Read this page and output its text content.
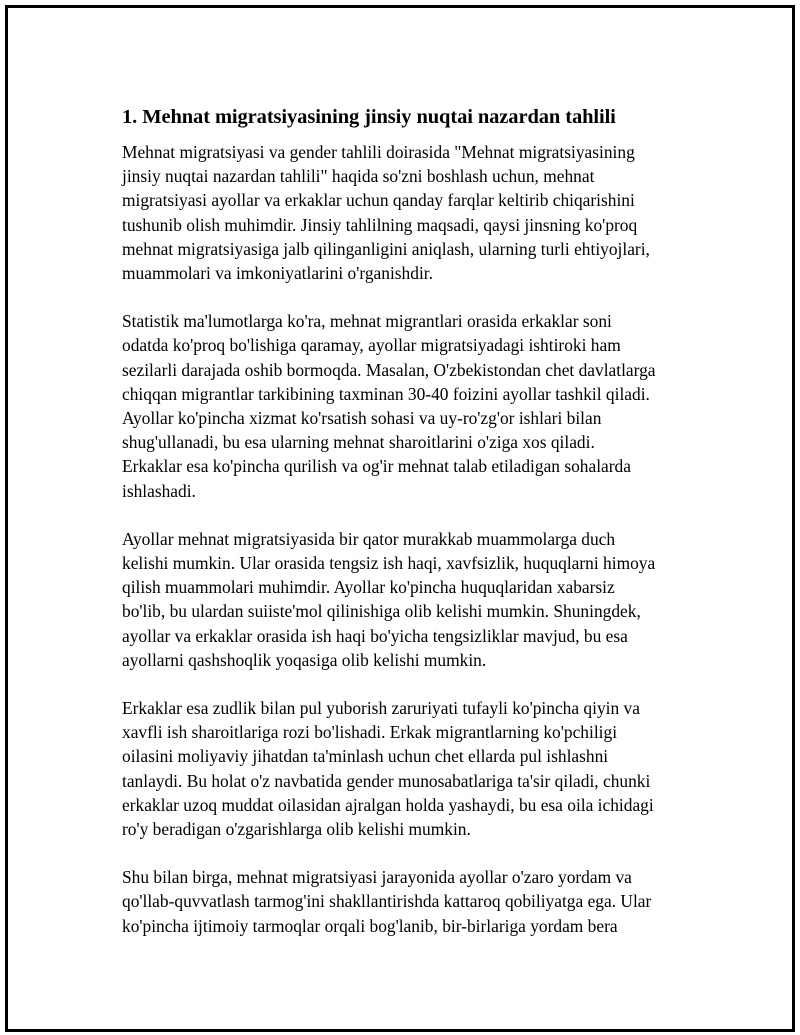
1. Mehnat migratsiyasining jinsiy nuqtai nazardan tahlili

Mehnat migratsiyasi va gender tahlili doirasida "Mehnat migratsiyasining
jinsiy nuqtai nazardan tahlili" haqida so'zni boshlash uchun, mehnat
migratsiyasi ayollar va erkaklar uchun qanday farqlar keltirib chiqarishini
tushunib olish muhimdir. Jinsiy tahlilning maqsadi, qaysi jinsning ko'proq
mehnat migratsiyasiga jalb qilinganligini aniqlash, ularning turli ehtiyojlari,
muammolari va imkoniyatlarini o'rganishdir.

Statistik ma'lumotlarga ko'ra, mehnat migrantlari orasida erkaklar soni
odatda ko'proq bo'lishiga qaramay, ayollar migratsiyadagi ishtiroki ham
sezilarli darajada oshib bormoqda. Masalan, O'zbekistondan chet davlatlarga
chiqqan migrantlar tarkibining taxminan 30-40 foizini ayollar tashkil qiladi.
Ayollar ko'pincha xizmat ko'rsatish sohasi va uy-ro'zg'or ishlari bilan
shug'ullanadi, bu esa ularning mehnat sharoitlarini o'ziga xos qiladi.
Erkaklar esa ko'pincha qurilish va og'ir mehnat talab etiladigan sohalarda
ishlashadi.

Ayollar mehnat migratsiyasida bir qator murakkab muammolarga duch
kelishi mumkin. Ular orasida tengsiz ish haqi, xavfsizlik, huquqlarni himoya
qilish muammolari muhimdir. Ayollar ko'pincha huquqlaridan xabarsiz
bo'lib, bu ulardan suiiste'mol qilinishiga olib kelishi mumkin. Shuningdek,
ayollar va erkaklar orasida ish haqi bo'yicha tengsizliklar mavjud, bu esa
ayollarni qashshoqlik yoqasiga olib kelishi mumkin.

Erkaklar esa zudlik bilan pul yuborish zaruriyati tufayli ko'pincha qiyin va
xavfli ish sharoitlariga rozi bo'lishadi. Erkak migrantlarning ko'pchiligi
oilasini moliyaviy jihatdan ta'minlash uchun chet ellarda pul ishlashni
tanlaydi. Bu holat o'z navbatida gender munosabatlariga ta'sir qiladi, chunki
erkaklar uzoq muddat oilasidan ajralgan holda yashaydi, bu esa oila ichidagi
ro'y beradigan o'zgarishlarga olib kelishi mumkin.

Shu bilan birga, mehnat migratsiyasi jarayonida ayollar o'zaro yordam va
qo'llab-quvvatlash tarmog'ini shakllantirishda kattaroq qobiliyatga ega. Ular
ko'pincha ijtimoiy tarmoqlar orqali bog'lanib, bir-birlariga yordam bera
